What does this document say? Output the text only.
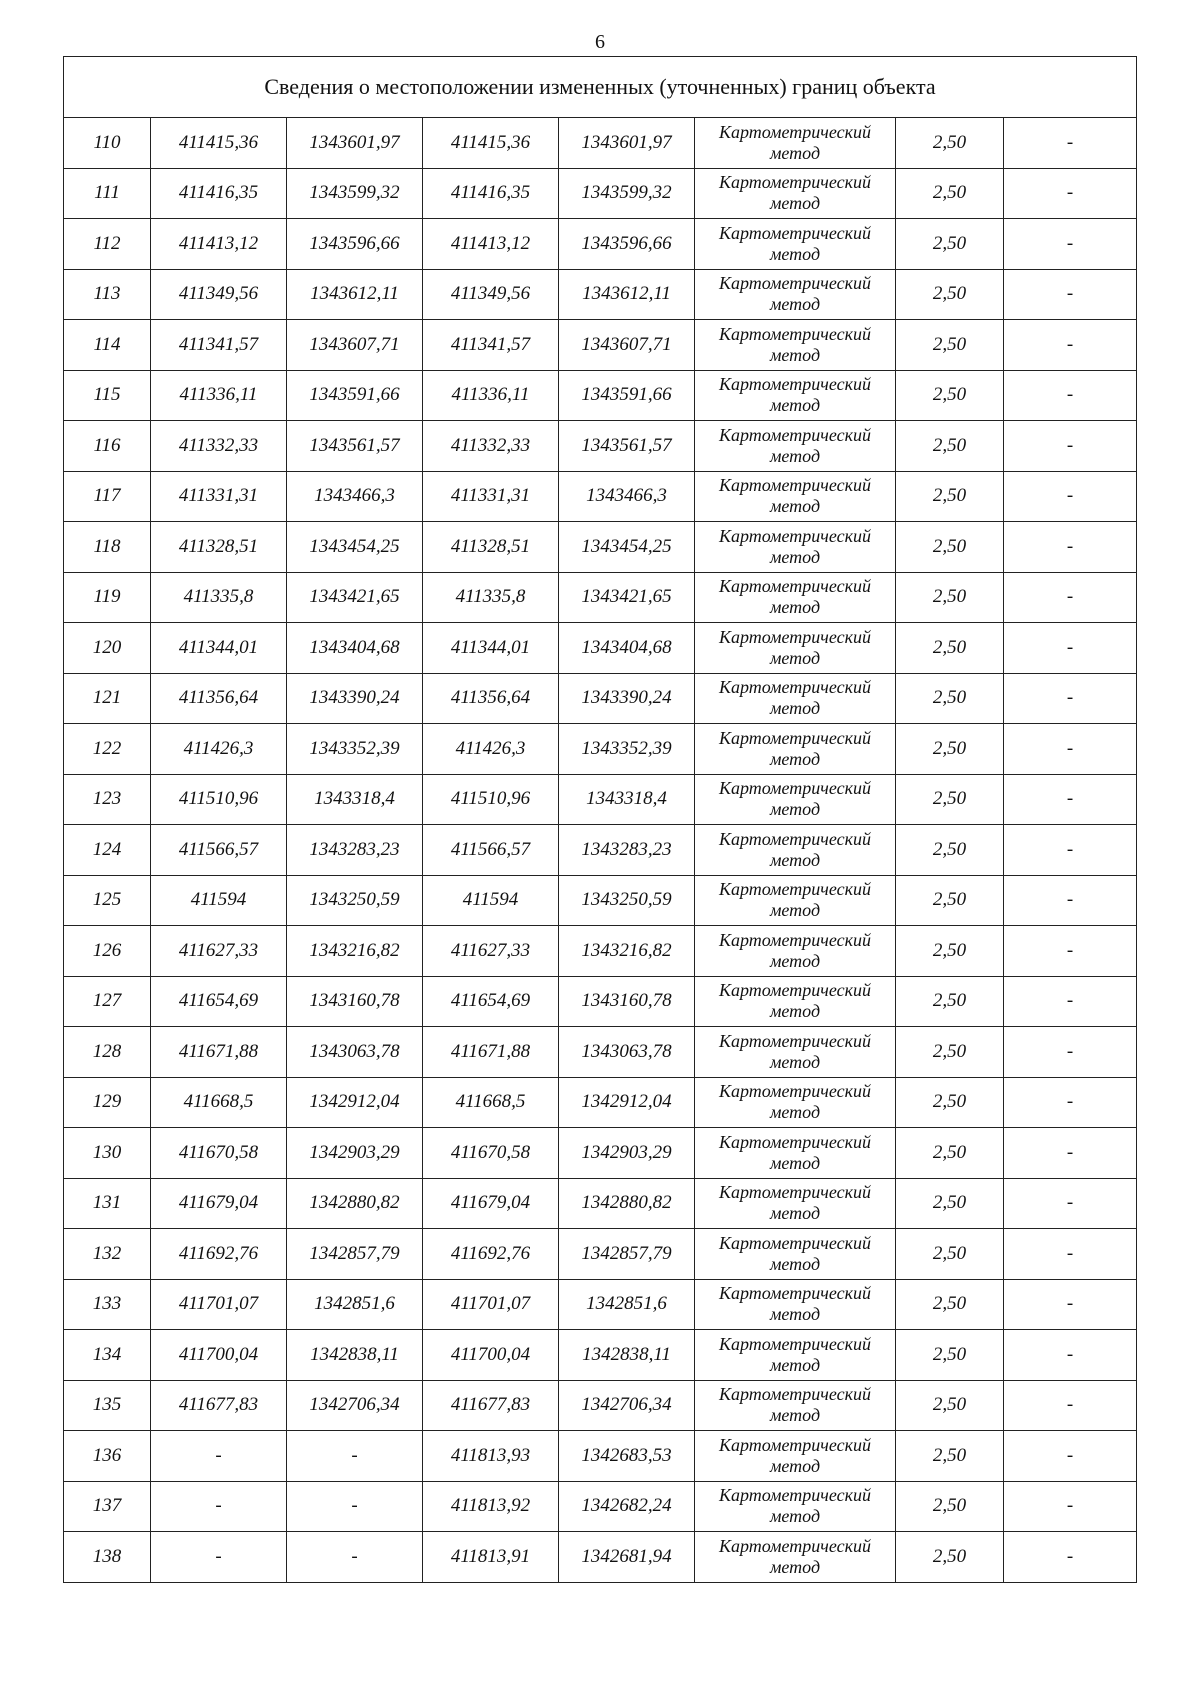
6
Сведения о местоположении измененных (уточненных) границ объекта							
110	411415,36	1343601,97	411415,36	1343601,97	Картометрический метод	2,50	-
111	411416,35	1343599,32	411416,35	1343599,32	Картометрический метод	2,50	-
112	411413,12	1343596,66	411413,12	1343596,66	Картометрический метод	2,50	-
113	411349,56	1343612,11	411349,56	1343612,11	Картометрический метод	2,50	-
114	411341,57	1343607,71	411341,57	1343607,71	Картометрический метод	2,50	-
115	411336,11	1343591,66	411336,11	1343591,66	Картометрический метод	2,50	-
116	411332,33	1343561,57	411332,33	1343561,57	Картометрический метод	2,50	-
117	411331,31	1343466,3	411331,31	1343466,3	Картометрический метод	2,50	-
118	411328,51	1343454,25	411328,51	1343454,25	Картометрический метод	2,50	-
119	411335,8	1343421,65	411335,8	1343421,65	Картометрический метод	2,50	-
120	411344,01	1343404,68	411344,01	1343404,68	Картометрический метод	2,50	-
121	411356,64	1343390,24	411356,64	1343390,24	Картометрический метод	2,50	-
122	411426,3	1343352,39	411426,3	1343352,39	Картометрический метод	2,50	-
123	411510,96	1343318,4	411510,96	1343318,4	Картометрический метод	2,50	-
124	411566,57	1343283,23	411566,57	1343283,23	Картометрический метод	2,50	-
125	411594	1343250,59	411594	1343250,59	Картометрический метод	2,50	-
126	411627,33	1343216,82	411627,33	1343216,82	Картометрический метод	2,50	-
127	411654,69	1343160,78	411654,69	1343160,78	Картометрический метод	2,50	-
128	411671,88	1343063,78	411671,88	1343063,78	Картометрический метод	2,50	-
129	411668,5	1342912,04	411668,5	1342912,04	Картометрический метод	2,50	-
130	411670,58	1342903,29	411670,58	1342903,29	Картометрический метод	2,50	-
131	411679,04	1342880,82	411679,04	1342880,82	Картометрический метод	2,50	-
132	411692,76	1342857,79	411692,76	1342857,79	Картометрический метод	2,50	-
133	411701,07	1342851,6	411701,07	1342851,6	Картометрический метод	2,50	-
134	411700,04	1342838,11	411700,04	1342838,11	Картометрический метод	2,50	-
135	411677,83	1342706,34	411677,83	1342706,34	Картометрический метод	2,50	-
136	-	-	411813,93	1342683,53	Картометрический метод	2,50	-
137	-	-	411813,92	1342682,24	Картометрический метод	2,50	-
138	-	-	411813,91	1342681,94	Картометрический метод	2,50	-
